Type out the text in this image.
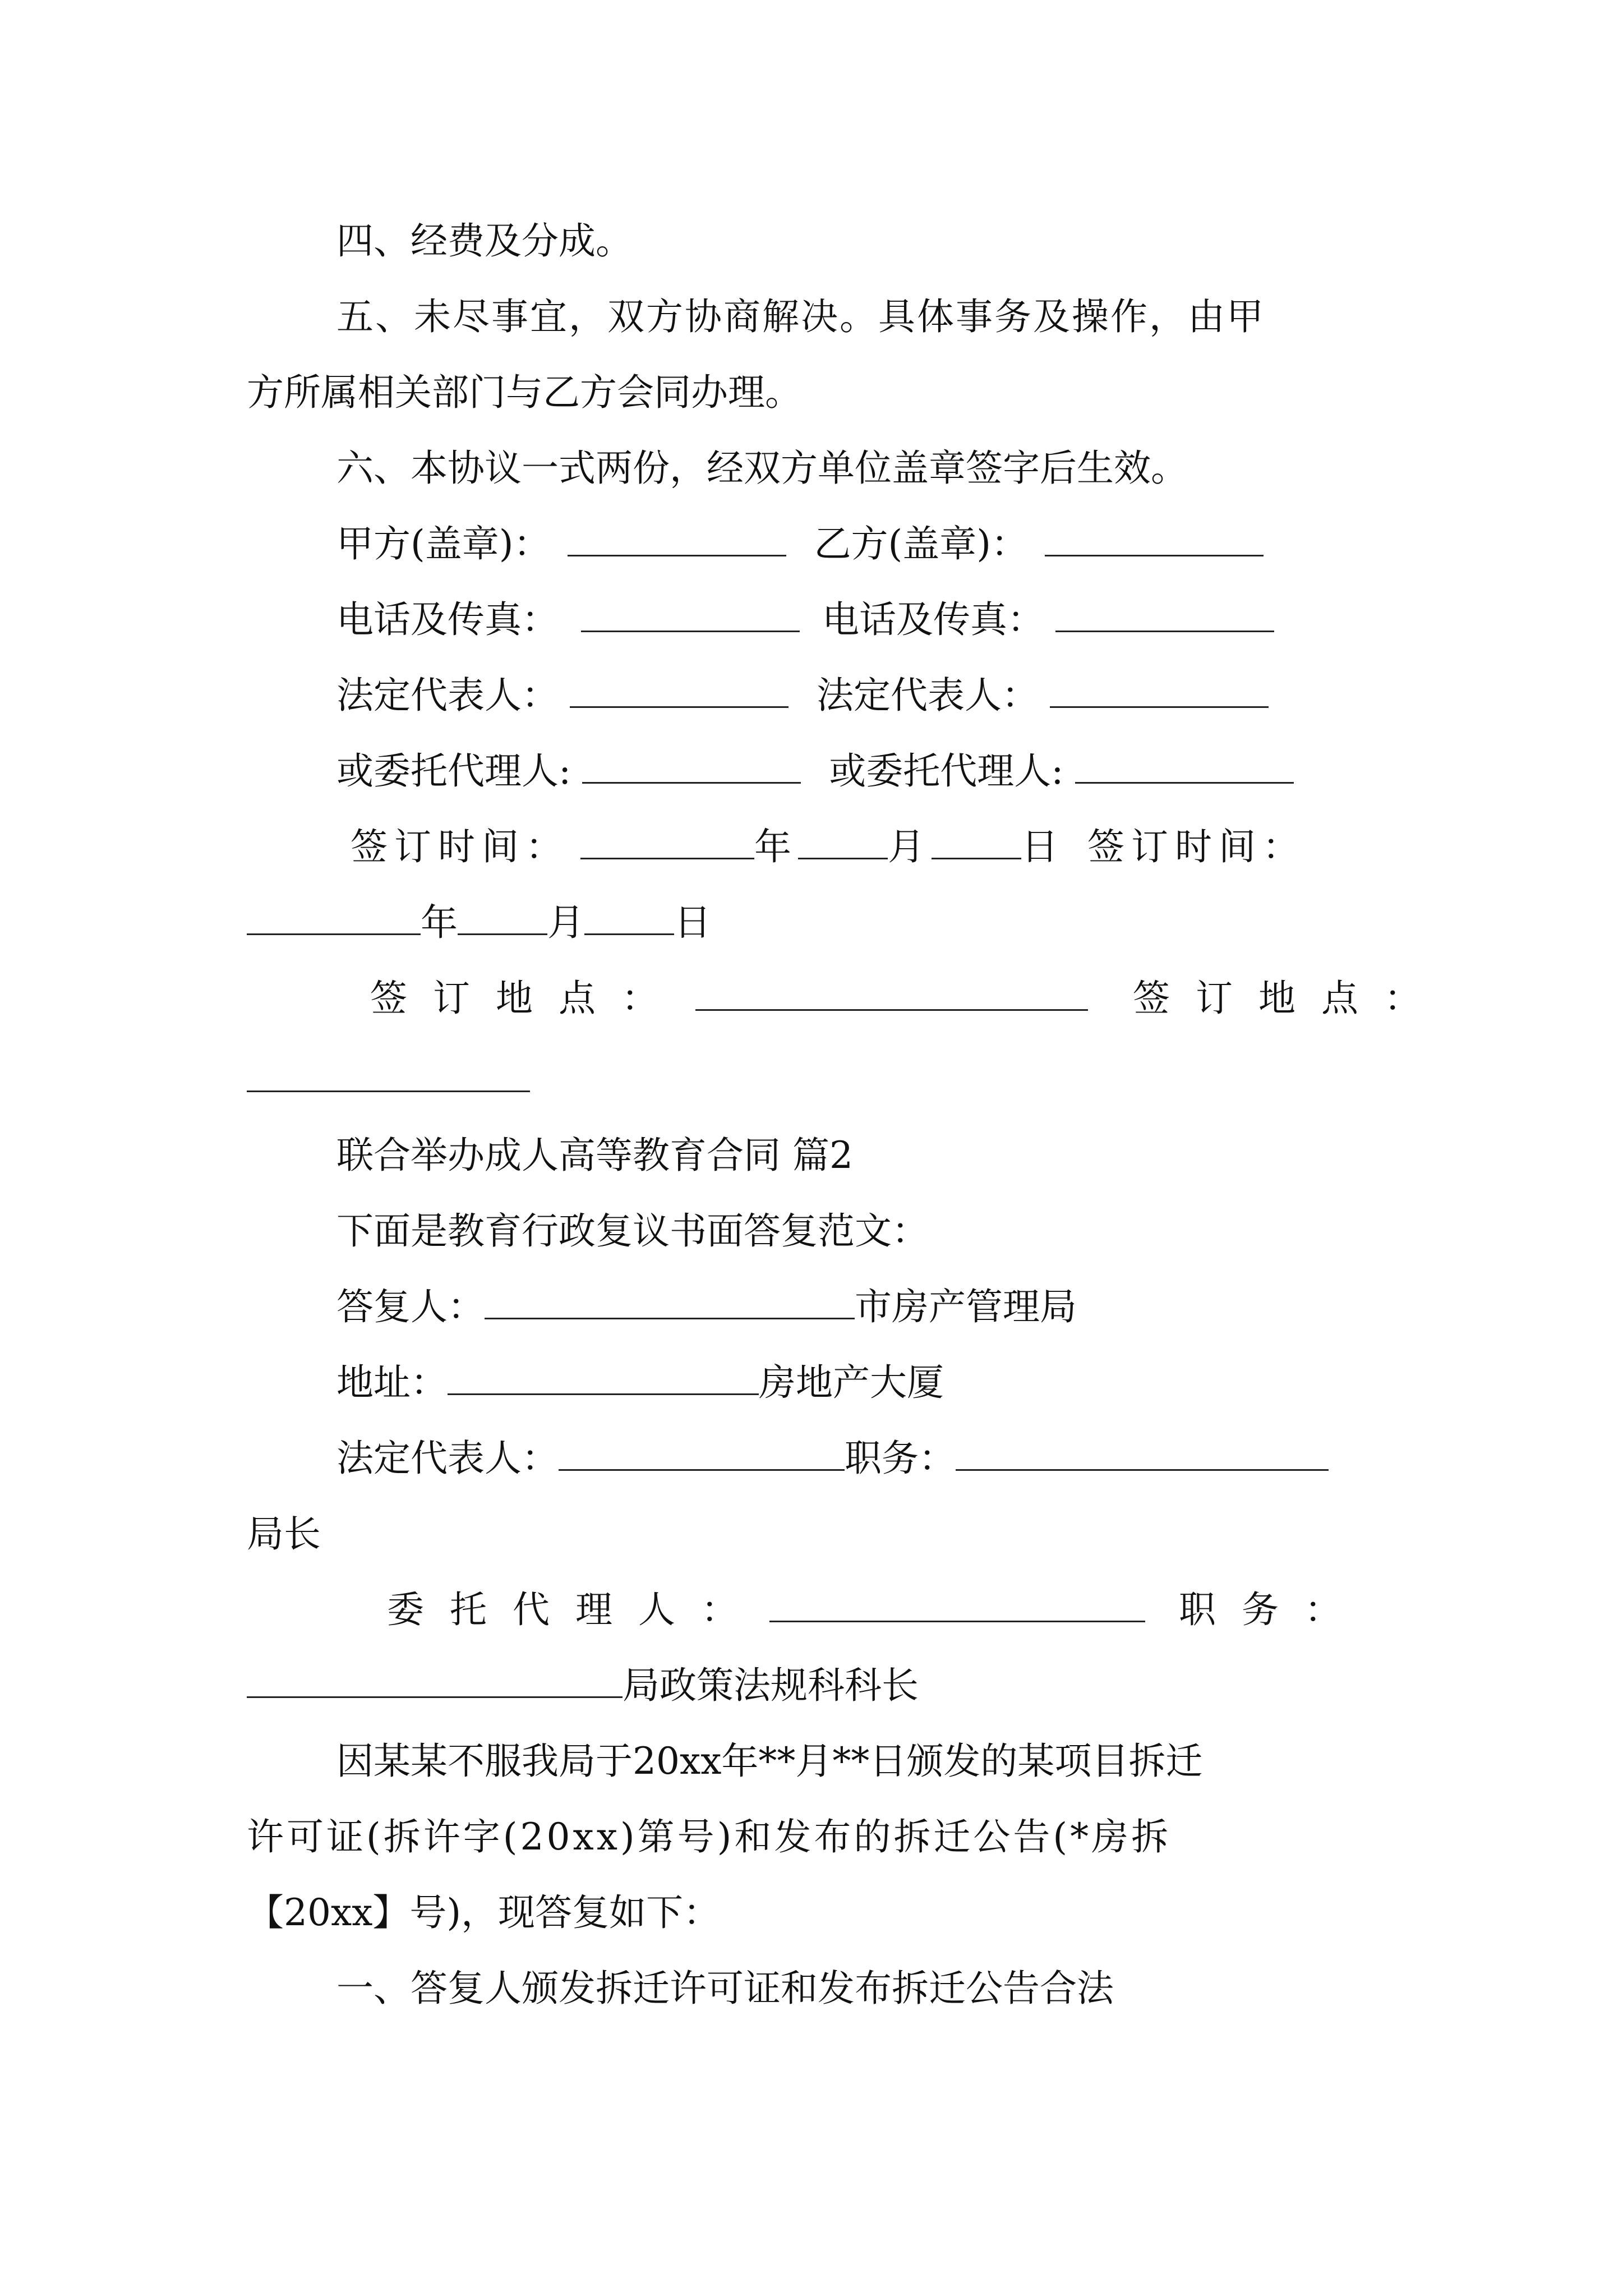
四、经费及分成。
五、未尽事宜，双方协商解决。具体事务及操作，由甲
方所属相关部门与乙方会同办理。
六、本协议一式两份，经双方单位盖章签字后生效。
甲方(盖章)：	乙方(盖章)：
电话及传真：	电话及传真：
法定代表人：	法定代表人：
或委托代理人:	或委托代理人:
签订时间：	年 月 日 签订时间：
年 月 日
签订地点：	签订地点：
联合举办成人高等教育合同 篇2
下面是教育行政复议书面答复范文：
答复人：	市房产管理局
地址：	房地产大厦
法定代表人：	职务：
局长
委托代理人：	职务：
局政策法规科科长
因某某不服我局于20xx年**月**日颁发的某项目拆迁
许可证(拆许字(20xx)第号)和发布的拆迁公告(*房拆
【20xx】号)，现答复如下：
一、答复人颁发拆迁许可证和发布拆迁公告合法
